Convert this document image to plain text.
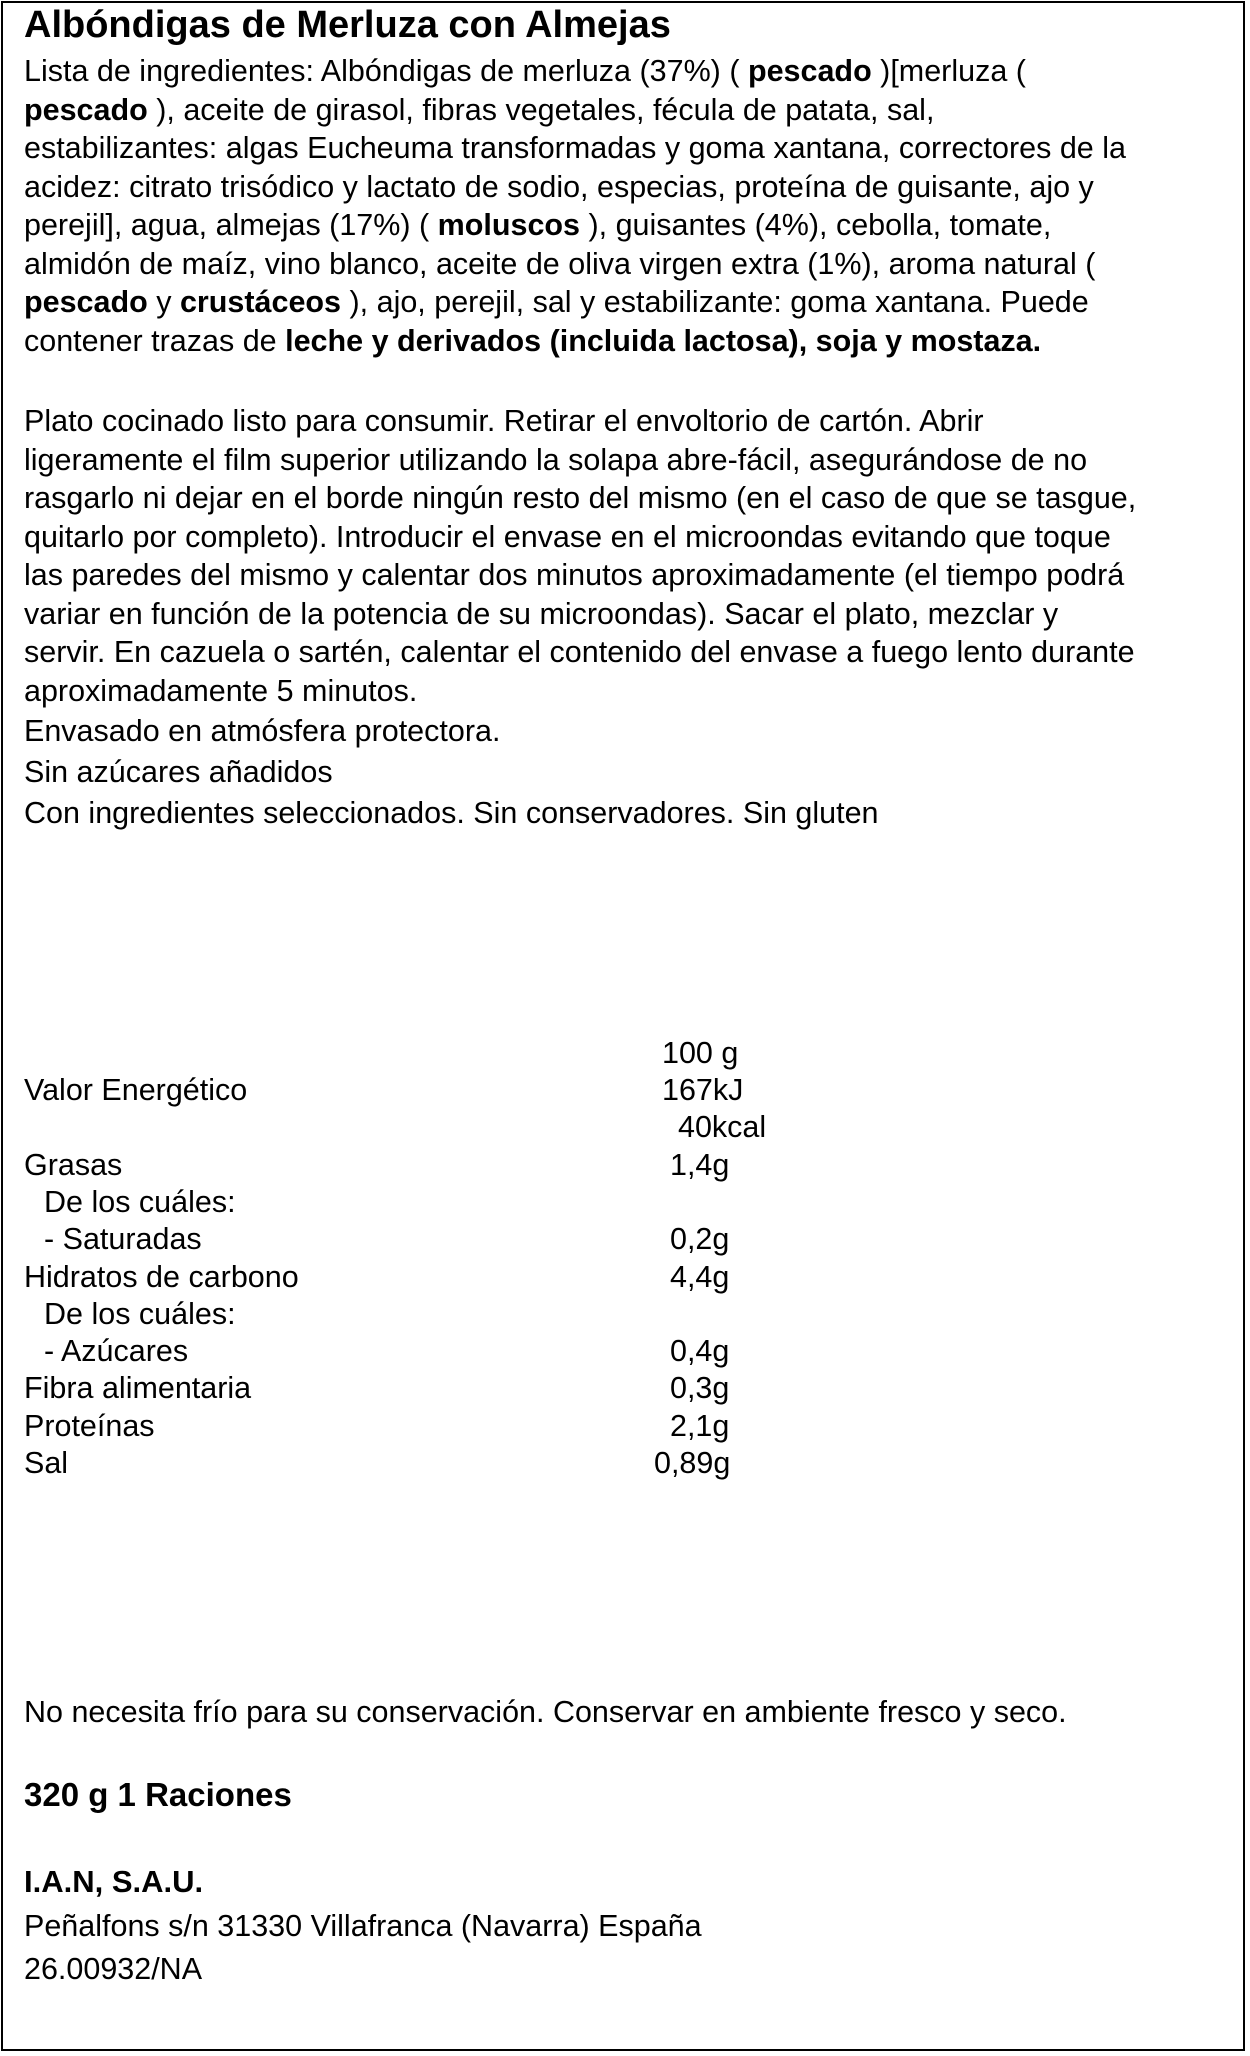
Albóndigas de Merluza con Almejas
Lista de ingredientes: Albóndigas de merluza (37%) ( pescado )[merluza (
pescado ), aceite de girasol, fibras vegetales, fécula de patata, sal,
estabilizantes: algas Eucheuma transformadas y goma xantana, correctores de la
acidez: citrato trisódico y lactato de sodio, especias, proteína de guisante, ajo y
perejil], agua, almejas (17%) ( moluscos ), guisantes (4%), cebolla, tomate,
almidón de maíz, vino blanco, aceite de oliva virgen extra (1%), aroma natural (
pescado y crustáceos ), ajo, perejil, sal y estabilizante: goma xantana. Puede
contener trazas de leche y derivados (incluida lactosa), soja y mostaza.
Plato cocinado listo para consumir. Retirar el envoltorio de cartón. Abrir
ligeramente el film superior utilizando la solapa abre-fácil, asegurándose de no
rasgarlo ni dejar en el borde ningún resto del mismo (en el caso de que se tasgue,
quitarlo por completo). Introducir el envase en el microondas evitando que toque
las paredes del mismo y calentar dos minutos aproximadamente (el tiempo podrá
variar en función de la potencia de su microondas). Sacar el plato, mezclar y
servir. En cazuela o sartén, calentar el contenido del envase a fuego lento durante
aproximadamente 5 minutos.
Envasado en atmósfera protectora.
Sin azúcares añadidos
Con ingredientes seleccionados. Sin conservadores. Sin gluten
100 g
Valor Energético	167kJ
40kcal
Grasas	1,4g
De los cuáles:
- Saturadas	0,2g
Hidratos de carbono	4,4g
De los cuáles:
- Azúcares	0,4g
Fibra alimentaria	0,3g
Proteínas	2,1g
Sal	0,89g
No necesita frío para su conservación. Conservar en ambiente fresco y seco.
320 g 1 Raciones
I.A.N, S.A.U.
Peñalfons s/n 31330 Villafranca (Navarra) España
26.00932/NA
